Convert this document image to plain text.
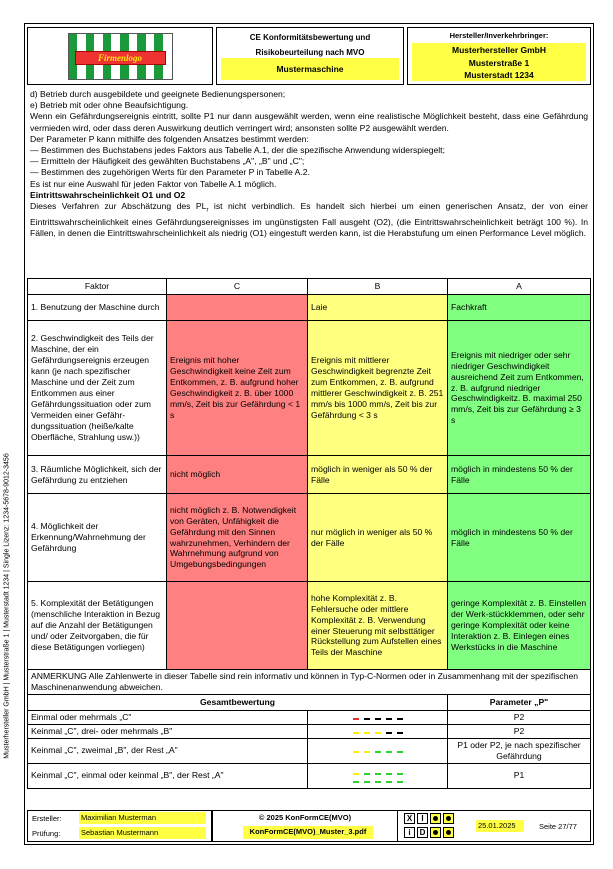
Musterhersteller GmbH | Musterstraße 1 | Musterstadt 1234 | Single Lizenz: 1234-5678-9012-3456
Firmenlogo
CE Konformitätsbewertung und
Risikobeurteilung nach MVO
Mustermaschine
Hersteller/Inverkehrbringer:
Musterhersteller GmbH
Musterstraße 1
Musterstadt 1234

d) Betrieb durch ausgebildete und geeignete Bedienungspersonen;

e) Betrieb mit oder ohne Beaufsichtigung.

Wenn ein Gefährdungsereignis eintritt, sollte P1 nur dann ausgewählt werden, wenn eine realistische Möglichkeit besteht, dass eine Gefährdung vermieden wird, oder dass deren Auswirkung deutlich verringert wird; ansonsten sollte P2 ausgewählt werden.

Der Parameter P kann mithilfe des folgenden Ansatzes bestimmt werden:

— Bestimmen des Buchstabens jedes Faktors aus Tabelle A.1, der die spezifische Anwendung widerspiegelt;

— Ermitteln der Häufigkeit des gewählten Buchstabens „A", „B" und „C";

— Bestimmen des zugehörigen Werts für den Parameter P in Tabelle A.2.

Es ist nur eine Auswahl für jeden Faktor von Tabelle A.1 möglich.

Eintrittswahrscheinlichkeit O1 und O2

Dieses Verfahren zur Abschätzung des $PL_r$ ist nicht verbindlich. Es handelt sich hierbei um einen generischen Ansatz, der von einer Eintrittswahrscheinlichkeit eines Gefährdungsereignisses im ungünstigsten Fall ausgeht (O2), (die Eintrittswahrscheinlichkeit beträgt 100 %). In Fällen, in denen die Eintrittswahrscheinlichkeit als niedrig (O1) eingestuft werden kann, ist die Herabstufung um einen Performance Level möglich.

Faktor	C	B	A
1. Benutzung der Maschine durch		Laie	Fachkraft
2. Geschwindigkeit des Teils der Maschine, der ein Gefährdungsereignis erzeugen kann (je nach spezifischer Maschine und der Zeit zum Entkommen aus einer Gefährdungssituation oder zum Vermeiden einer Gefähr-dungssituation (heiße/kalte Oberfläche, Strahlung usw.))	Ereignis mit hoher Geschwindigkeit keine Zeit zum Entkommen, z. B. aufgrund hoher Geschwindigkeit z. B. über 1000 mm/s, Zeit bis zur Gefährdung < 1 s	Ereignis mit mittlerer Geschwindigkeit begrenzte Zeit zum Entkommen, z. B. aufgrund mittlerer Geschwindigkeit z. B. 251 mm/s bis 1000 mm/s, Zeit bis zur Gefährdung < 3 s	Ereignis mit niedriger oder sehr niedriger Geschwindigkeit ausreichend Zeit zum Entkommen, z. B. aufgrund niedriger Geschwindigkeitz. B. maximal 250 mm/s, Zeit bis zur Gefährdung ≥ 3 s
3. Räumliche Möglichkeit, sich der Gefährdung zu entziehen	nicht möglich	möglich in weniger als 50 % der Fälle	möglich in mindestens 50 % der Fälle
4. Möglichkeit der Erkennung/Wahrnehmung der Gefährdung	nicht möglich z. B. Notwendigkeit von Geräten, Unfähigkeit die Gefährdung mit den Sinnen wahrzunehmen, Verhindern der Wahrnehmung aufgrund von Umgebungsbedingungen	nur möglich in weniger als 50 % der Fälle	möglich in mindestens 50 % der Fälle
5. Komplexität der Betätigungen (menschliche Interaktion in Bezug auf die Anzahl der Betätigungen und/ oder Zeitvorgaben, die für diese Betätigungen vorliegen)		hohe Komplexität z. B. Fehlersuche oder mittlere Komplexität z. B. Verwendung einer Steuerung mit selbsttätiger Rückstellung zum Aufstellen eines Teils der Maschine	geringe Komplexität z. B. Einstellen der Werk-stückklemmen, oder sehr geringe Komplexität oder keine Interaktion z. B. Einlegen eines Werkstücks in die Maschine
ANMERKUNG Alle Zahlenwerte in dieser Tabelle sind rein informativ und können in Typ-C-Normen oder in Zusammenhang mit der spezifischen Maschinenanwendung abweichen.			
Gesamtbewertung			Parameter „P"
Einmal oder mehrmals „C"			P2
Keinmal „C", drei- oder mehrmals „B"			P2
Keinmal „C", zweimal „B", der Rest „A"			P1 oder P2, je nach spezifischer Gefährdung
Keinmal „C", einmal oder keinmal „B", der Rest „A"			P1
Ersteller:	Maximilian Musterman
Prüfung:	Sebastian Mustermann
© 2025 KonFormCE(MVO)
KonFormCE(MVO)_Muster_3.pdf
X	I
i	D
25.01.2025	Seite 27/77
